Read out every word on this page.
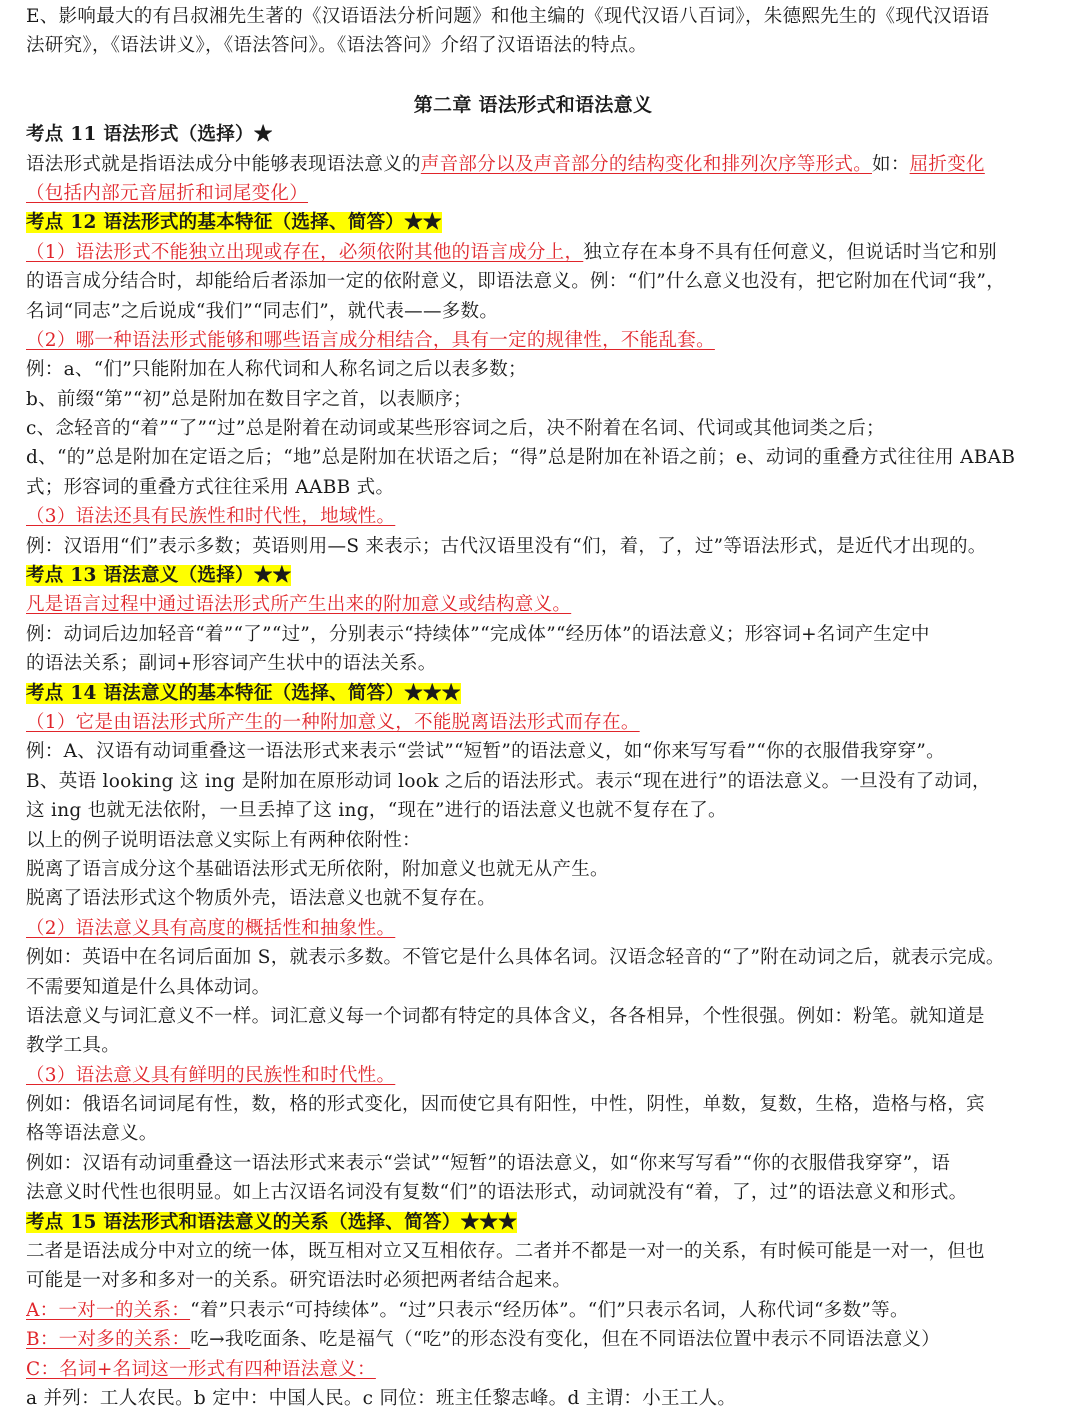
E、影响最大的有吕叔湘先生著的《汉语语法分析问题》和他主编的《现代汉语八百词》，朱德熙先生的《现代汉语语
法研究》，《语法讲义》，《语法答问》。《语法答问》介绍了汉语语法的特点。
第二章 语法形式和语法意义
考点 11 语法形式（选择）★
语法形式就是指语法成分中能够表现语法意义的声音部分以及声音部分的结构变化和排列次序等形式。如：屈折变化
（包括内部元音屈折和词尾变化）
考点 12 语法形式的基本特征（选择、简答）★★
（1）语法形式不能独立出现或存在，必须依附其他的语言成分上，独立存在本身不具有任何意义，但说话时当它和别
的语言成分结合时，却能给后者添加一定的依附意义，即语法意义。例：“们”什么意义也没有，把它附加在代词“我”，
名词“同志”之后说成“我们”“同志们”，就代表——多数。
（2）哪一种语法形式能够和哪些语言成分相结合，具有一定的规律性，不能乱套。
例：a、“们”只能附加在人称代词和人称名词之后以表多数；
b、前缀“第”“初”总是附加在数目字之首，以表顺序；
c、念轻音的“着”“了”“过”总是附着在动词或某些形容词之后，决不附着在名词、代词或其他词类之后；
d、“的”总是附加在定语之后；“地”总是附加在状语之后；“得”总是附加在补语之前；e、动词的重叠方式往往用 ABAB
式；形容词的重叠方式往往采用 AABB 式。
（3）语法还具有民族性和时代性，地域性。
例：汉语用“们”表示多数；英语则用—S 来表示；古代汉语里没有“们，着，了，过”等语法形式，是近代才出现的。
考点 13 语法意义（选择）★★
凡是语言过程中通过语法形式所产生出来的附加意义或结构意义。
例：动词后边加轻音“着”“了”“过”，分别表示“持续体”“完成体”“经历体”的语法意义；形容词+名词产生定中
的语法关系；副词+形容词产生状中的语法关系。
考点 14 语法意义的基本特征（选择、简答）★★★
（1）它是由语法形式所产生的一种附加意义，不能脱离语法形式而存在。
例：A、汉语有动词重叠这一语法形式来表示“尝试”“短暂”的语法意义，如“你来写写看”“你的衣服借我穿穿”。
B、英语 looking 这 ing 是附加在原形动词 look 之后的语法形式。表示“现在进行”的语法意义。一旦没有了动词，
这 ing 也就无法依附，一旦丢掉了这 ing，“现在”进行的语法意义也就不复存在了。
以上的例子说明语法意义实际上有两种依附性：
脱离了语言成分这个基础语法形式无所依附，附加意义也就无从产生。
脱离了语法形式这个物质外壳，语法意义也就不复存在。
（2）语法意义具有高度的概括性和抽象性。
例如：英语中在名词后面加 S，就表示多数。不管它是什么具体名词。汉语念轻音的“了”附在动词之后，就表示完成。
不需要知道是什么具体动词。
语法意义与词汇意义不一样。词汇意义每一个词都有特定的具体含义，各各相异，个性很强。例如：粉笔。就知道是
教学工具。
（3）语法意义具有鲜明的民族性和时代性。
例如：俄语名词词尾有性，数，格的形式变化，因而使它具有阳性，中性，阴性，单数，复数，生格，造格与格，宾
格等语法意义。
例如：汉语有动词重叠这一语法形式来表示“尝试”“短暂”的语法意义，如“你来写写看”“你的衣服借我穿穿”，语
法意义时代性也很明显。如上古汉语名词没有复数“们”的语法形式，动词就没有“着，了，过”的语法意义和形式。
考点 15 语法形式和语法意义的关系（选择、简答）★★★
二者是语法成分中对立的统一体，既互相对立又互相依存。二者并不都是一对一的关系，有时候可能是一对一，但也
可能是一对多和多对一的关系。研究语法时必须把两者结合起来。
A：一对一的关系：“着”只表示“可持续体”。“过”只表示“经历体”。“们”只表示名词，人称代词“多数”等。
B：一对多的关系：吃→我吃面条、吃是福气（“吃”的形态没有变化，但在不同语法位置中表示不同语法意义）
C：名词+名词这一形式有四种语法意义：
a 并列：工人农民。b 定中：中国人民。c 同位：班主任黎志峰。d 主谓：小王工人。
